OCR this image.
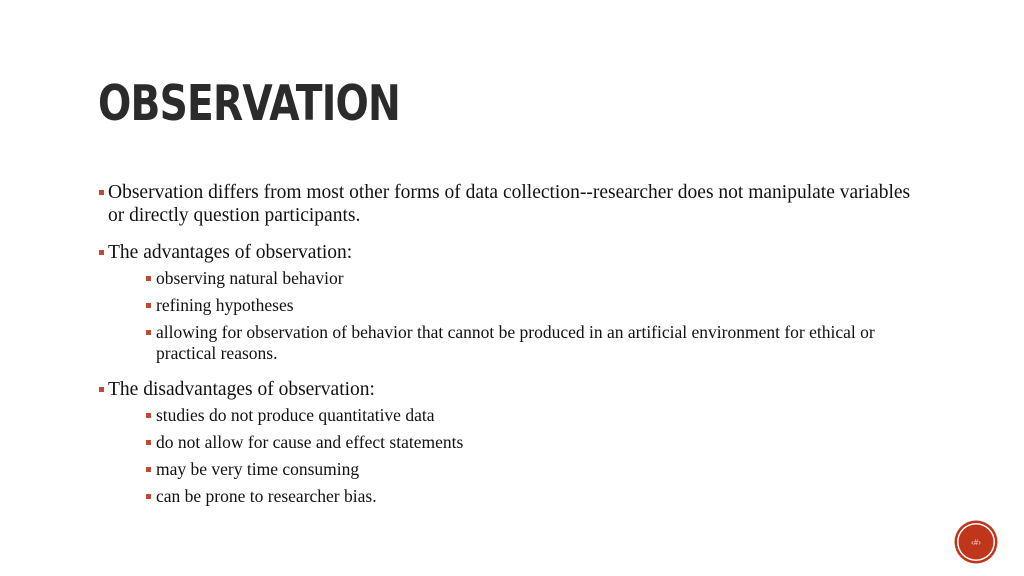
OBSERVATION
Observation differs from most other forms of data collection--researcher does not manipulate variables or directly question participants.
The advantages of observation:
observing natural behavior
refining hypotheses
allowing for observation of behavior that cannot be produced in an artificial environment for ethical or practical reasons.
The disadvantages of observation:
studies do not produce quantitative data
do not allow for cause and effect statements
may be very time consuming
can be prone to researcher bias.
‹#›
